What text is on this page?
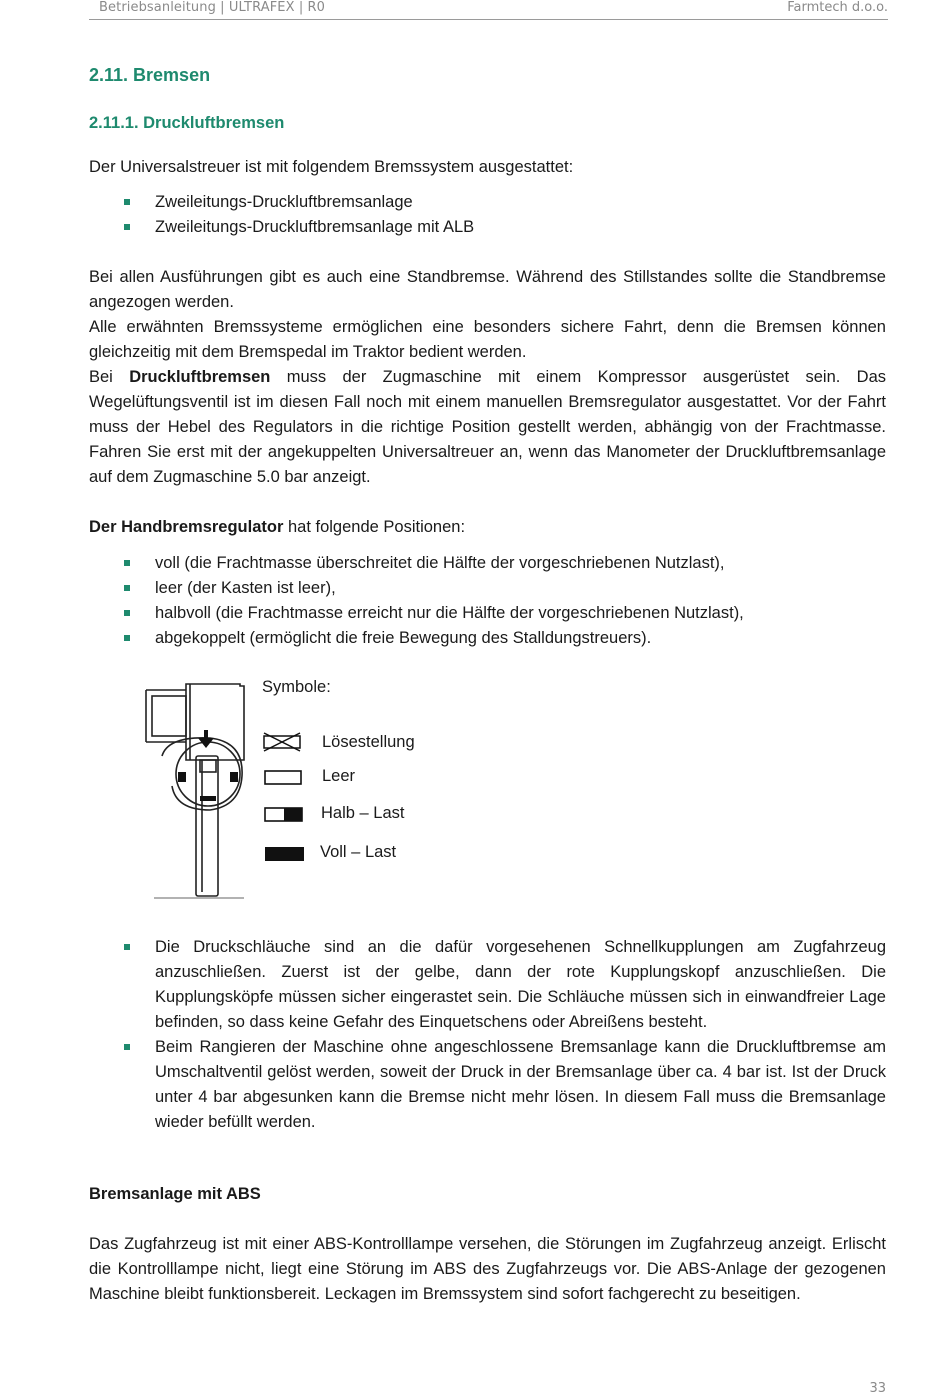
Betriebsanleitung | ULTRAFEX | R0	Farmtech d.o.o.
2.11. Bremsen
2.11.1. Druckluftbremsen
Der Universalstreuer ist mit folgendem Bremssystem ausgestattet:
Zweileitungs-Druckluftbremsanlage
Zweileitungs-Druckluftbremsanlage mit ALB
Bei allen Ausführungen gibt es auch eine Standbremse. Während des Stillstandes sollte die Standbremse angezogen werden.
Alle erwähnten Bremssysteme ermöglichen eine besonders sichere Fahrt, denn die Bremsen können gleichzeitig mit dem Bremspedal im Traktor bedient werden.
Bei Druckluftbremsen muss der Zugmaschine mit einem Kompressor ausgerüstet sein. Das Wegelüftungsventil ist im diesen Fall noch mit einem manuellen Bremsregulator ausgestattet. Vor der Fahrt muss der Hebel des Regulators in die richtige Position gestellt werden, abhängig von der Frachtmasse. Fahren Sie erst mit der angekuppelten Universaltreuer an, wenn das Manometer der Druckluftbremsanlage auf dem Zugmaschine 5.0 bar anzeigt.
Der Handbremsregulator hat folgende Positionen:
voll (die Frachtmasse überschreitet die Hälfte der vorgeschriebenen Nutzlast),
leer (der Kasten ist leer),
halbvoll (die Frachtmasse erreicht nur die Hälfte der vorgeschriebenen Nutzlast),
abgekoppelt (ermöglicht die freie Bewegung des Stalldungstreuers).
Die Druckschläuche sind an die dafür vorgesehenen Schnellkupplungen am Zugfahrzeug anzuschließen. Zuerst ist der gelbe, dann der rote Kupplungskopf anzuschließen. Die Kupplungsköpfe müssen sicher eingerastet sein. Die Schläuche müssen sich in einwandfreier Lage befinden, so dass keine Gefahr des Einquetschens oder Abreißens besteht.
Beim Rangieren der Maschine ohne angeschlossene Bremsanlage kann die Druckluftbremse am Umschaltventil gelöst werden, soweit der Druck in der Bremsanlage über ca. 4 bar ist. Ist der Druck unter 4 bar abgesunken kann die Bremse nicht mehr lösen. In diesem Fall muss die Bremsanlage wieder befüllt werden.
Bremsanlage mit ABS
Das Zugfahrzeug ist mit einer ABS-Kontrolllampe versehen, die Störungen im Zugfahrzeug anzeigt. Erlischt die Kontrolllampe nicht, liegt eine Störung im ABS des Zugfahrzeugs vor. Die ABS-Anlage der gezogenen Maschine bleibt funktionsbereit. Leckagen im Bremssystem sind sofort fachgerecht zu beseitigen.
Symbole:
Lösestellung
Leer
Halb – Last
Voll – Last
33
